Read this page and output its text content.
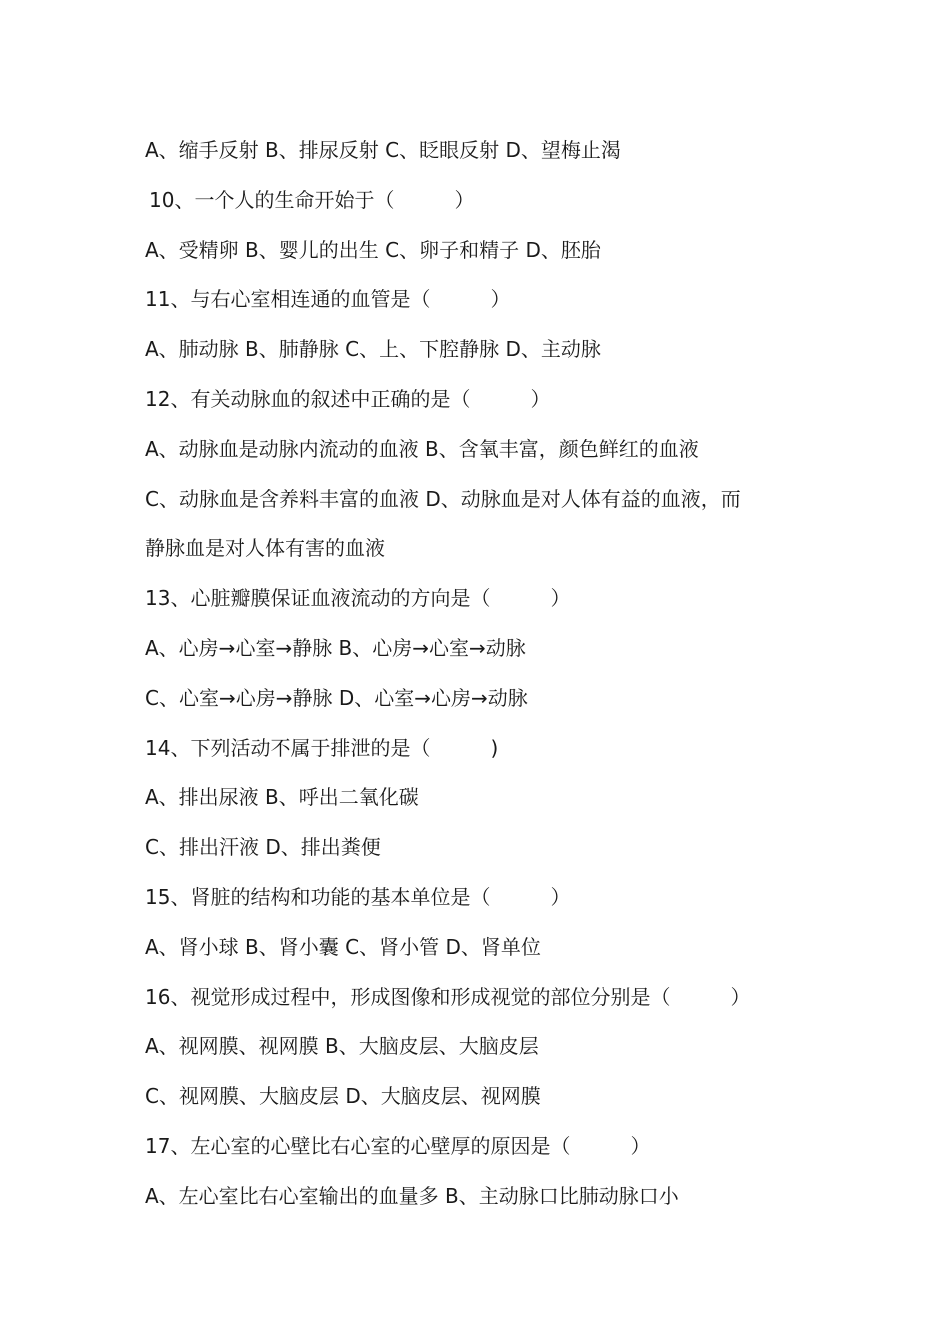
A、缩手反射 B、排尿反射 C、眨眼反射 D、望梅止渴

10、一个人的生命开始于（　　　）

A、受精卵 B、婴儿的出生 C、卵子和精子 D、胚胎

11、与右心室相连通的血管是（　　　）

A、肺动脉 B、肺静脉 C、上、下腔静脉 D、主动脉

12、有关动脉血的叙述中正确的是（　　　）

A、动脉血是动脉内流动的血液 B、含氧丰富，颜色鲜红的血液

C、动脉血是含养料丰富的血液 D、动脉血是对人体有益的血液，而

静脉血是对人体有害的血液

13、心脏瓣膜保证血液流动的方向是（　　　）

A、心房→心室→静脉 B、心房→心室→动脉

C、心室→心房→静脉 D、心室→心房→动脉

14、下列活动不属于排泄的是（　　　)

A、排出尿液 B、呼出二氧化碳

C、排出汗液 D、排出粪便

15、肾脏的结构和功能的基本单位是（　　　）

A、肾小球 B、肾小囊 C、肾小管 D、肾单位

16、视觉形成过程中，形成图像和形成视觉的部位分别是（　　　）

A、视网膜、视网膜 B、大脑皮层、大脑皮层

C、视网膜、大脑皮层 D、大脑皮层、视网膜

17、左心室的心壁比右心室的心壁厚的原因是（　　　）

A、左心室比右心室输出的血量多 B、主动脉口比肺动脉口小
